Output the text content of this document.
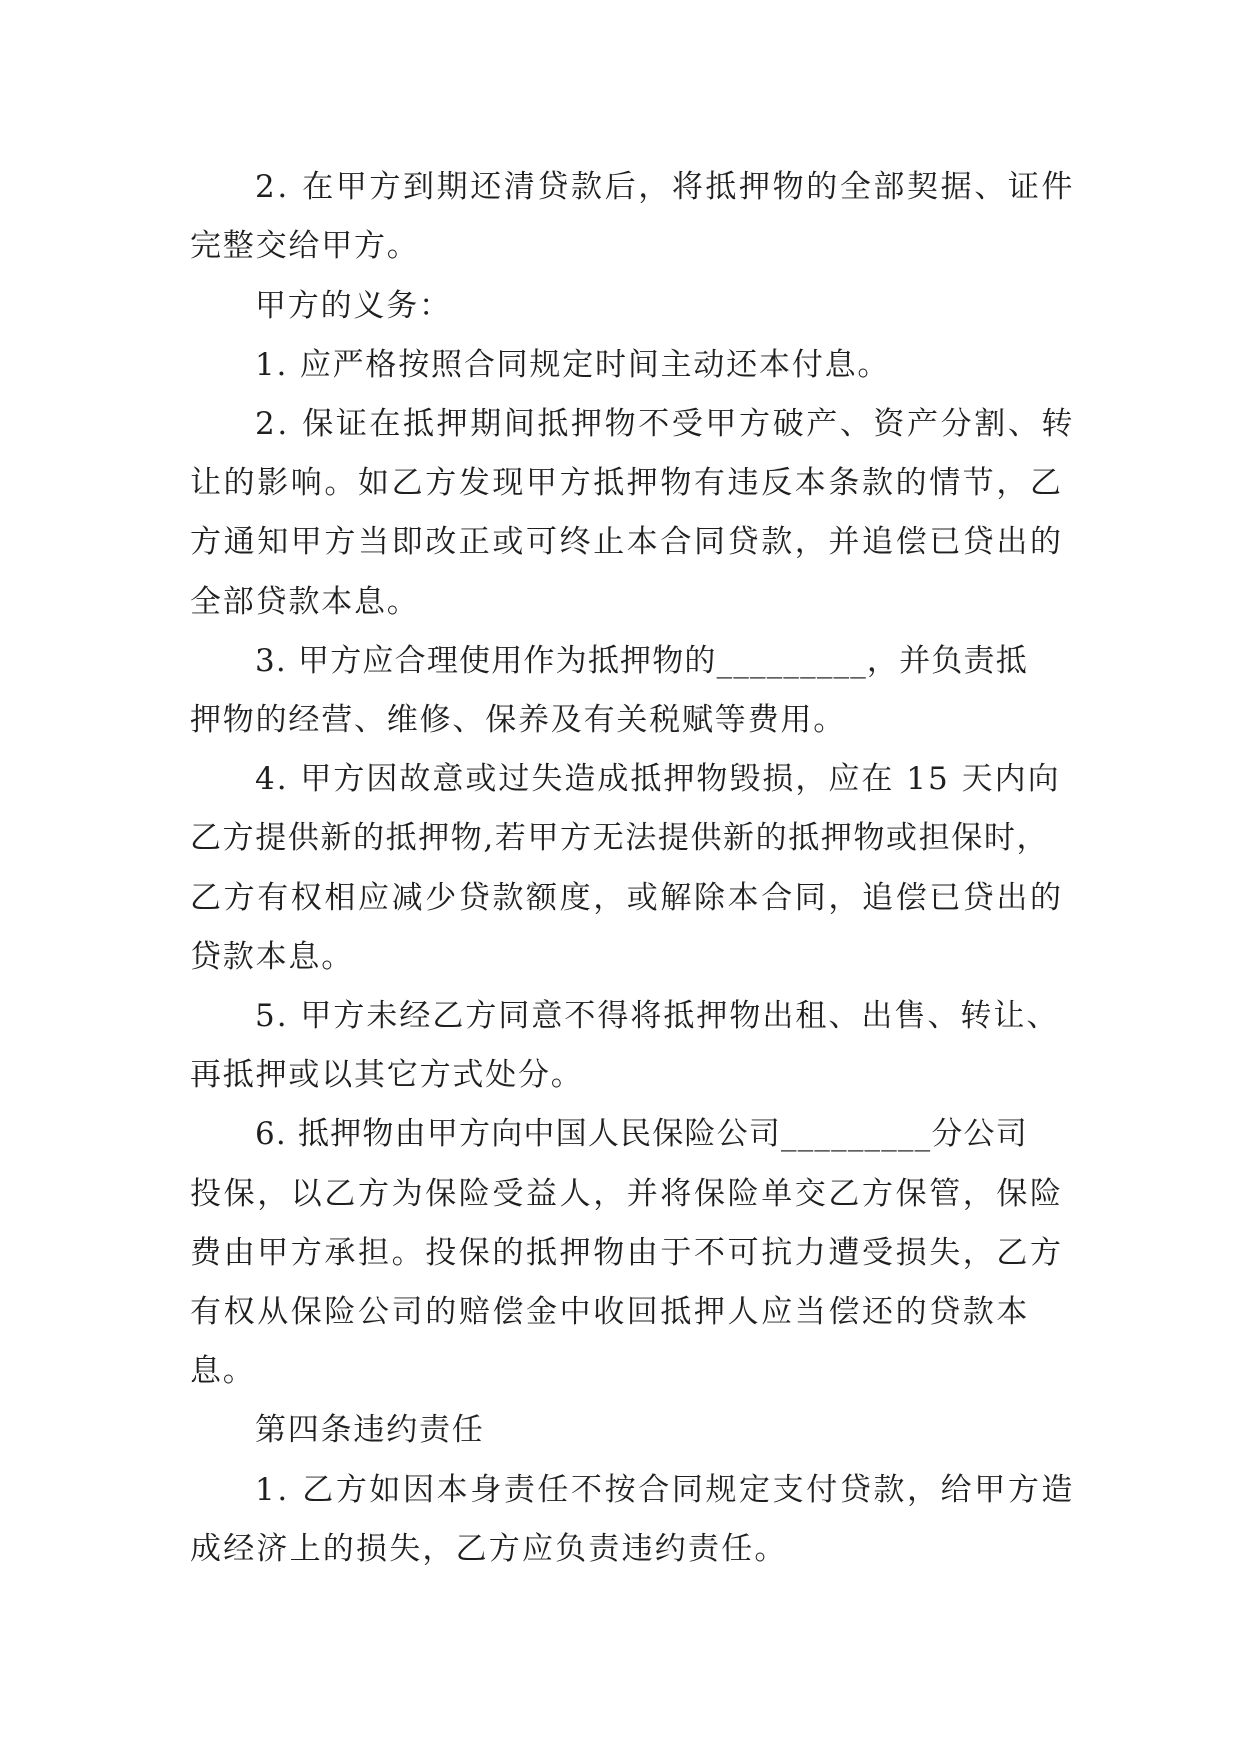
2. 在甲方到期还清贷款后，将抵押物的全部契据、证件
完整交给甲方。
甲方的义务：
1. 应严格按照合同规定时间主动还本付息。
2. 保证在抵押期间抵押物不受甲方破产、资产分割、转
让的影响。如乙方发现甲方抵押物有违反本条款的情节，乙
方通知甲方当即改正或可终止本合同贷款，并追偿已贷出的
全部贷款本息。
3. 甲方应合理使用作为抵押物的_________，并负责抵
押物的经营、维修、保养及有关税赋等费用。
4. 甲方因故意或过失造成抵押物毁损，应在 15 天内向
乙方提供新的抵押物,若甲方无法提供新的抵押物或担保时，
乙方有权相应减少贷款额度，或解除本合同，追偿已贷出的
贷款本息。
5. 甲方未经乙方同意不得将抵押物出租、出售、转让、
再抵押或以其它方式处分。
6. 抵押物由甲方向中国人民保险公司_________分公司
投保，以乙方为保险受益人，并将保险单交乙方保管，保险
费由甲方承担。投保的抵押物由于不可抗力遭受损失，乙方
有权从保险公司的赔偿金中收回抵押人应当偿还的贷款本
息。
第四条违约责任
1. 乙方如因本身责任不按合同规定支付贷款，给甲方造
成经济上的损失，乙方应负责违约责任。
